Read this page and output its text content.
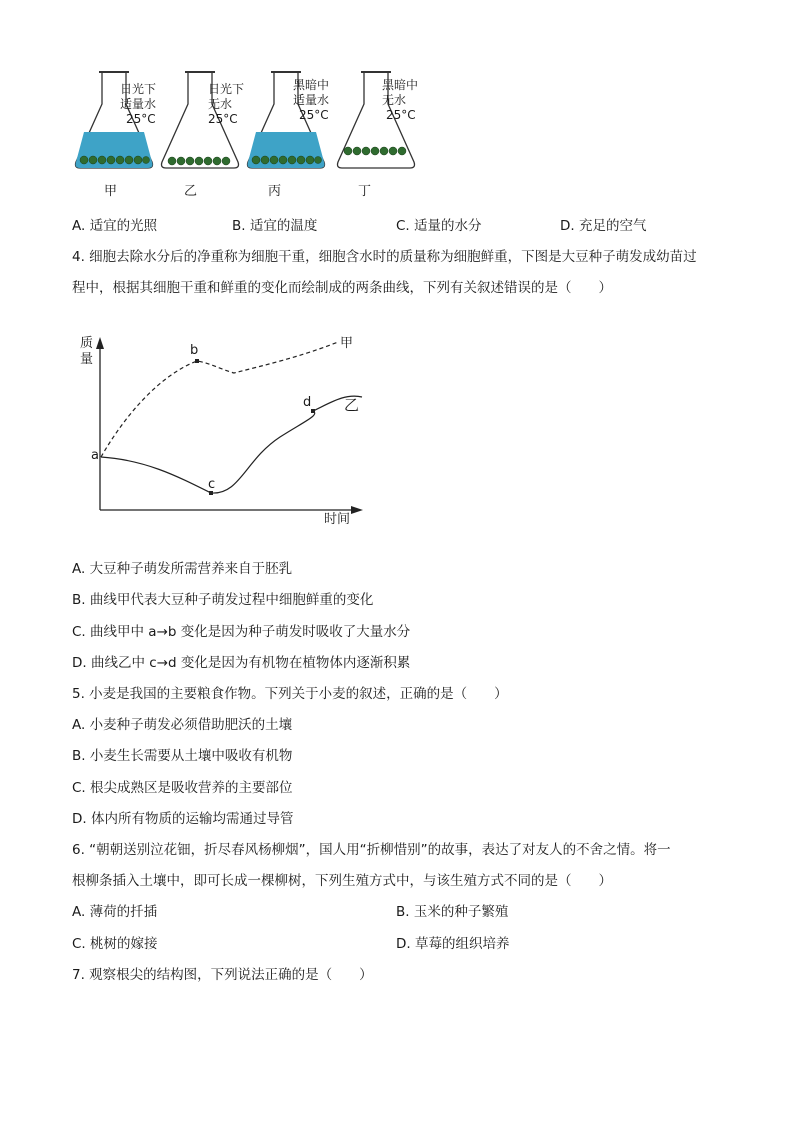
日光下
适量水
25°C
日光下
无水
25°C
黑暗中
适量水
25°C
黑暗中
无水
25°C
甲	乙	丙	丁
A. 适宜的光照	B. 适宜的温度	C. 适量的水分	D. 充足的空气
4. 细胞去除水分后的净重称为细胞干重，细胞含水时的质量称为细胞鲜重，下图是大豆种子萌发成幼苗过
程中，根据其细胞干重和鲜重的变化而绘制成的两条曲线，下列有关叙述错误的是（　　）
质
量
时间
a
b
c
d
甲
乙
A. 大豆种子萌发所需营养来自于胚乳
B. 曲线甲代表大豆种子萌发过程中细胞鲜重的变化
C. 曲线甲中 a→b 变化是因为种子萌发时吸收了大量水分
D. 曲线乙中 c→d 变化是因为有机物在植物体内逐渐积累
5. 小麦是我国的主要粮食作物。下列关于小麦的叙述，正确的是（　　）
A. 小麦种子萌发必须借助肥沃的土壤
B. 小麦生长需要从土壤中吸收有机物
C. 根尖成熟区是吸收营养的主要部位
D. 体内所有物质的运输均需通过导管
6. “朝朝送别泣花钿，折尽春风杨柳烟”，国人用“折柳惜别”的故事，表达了对友人的不舍之情。将一
根柳条插入土壤中，即可长成一棵柳树，下列生殖方式中，与该生殖方式不同的是（　　）
A. 薄荷的扦插	B. 玉米的种子繁殖
C. 桃树的嫁接	D. 草莓的组织培养
7. 观察根尖的结构图，下列说法正确的是（　　）
